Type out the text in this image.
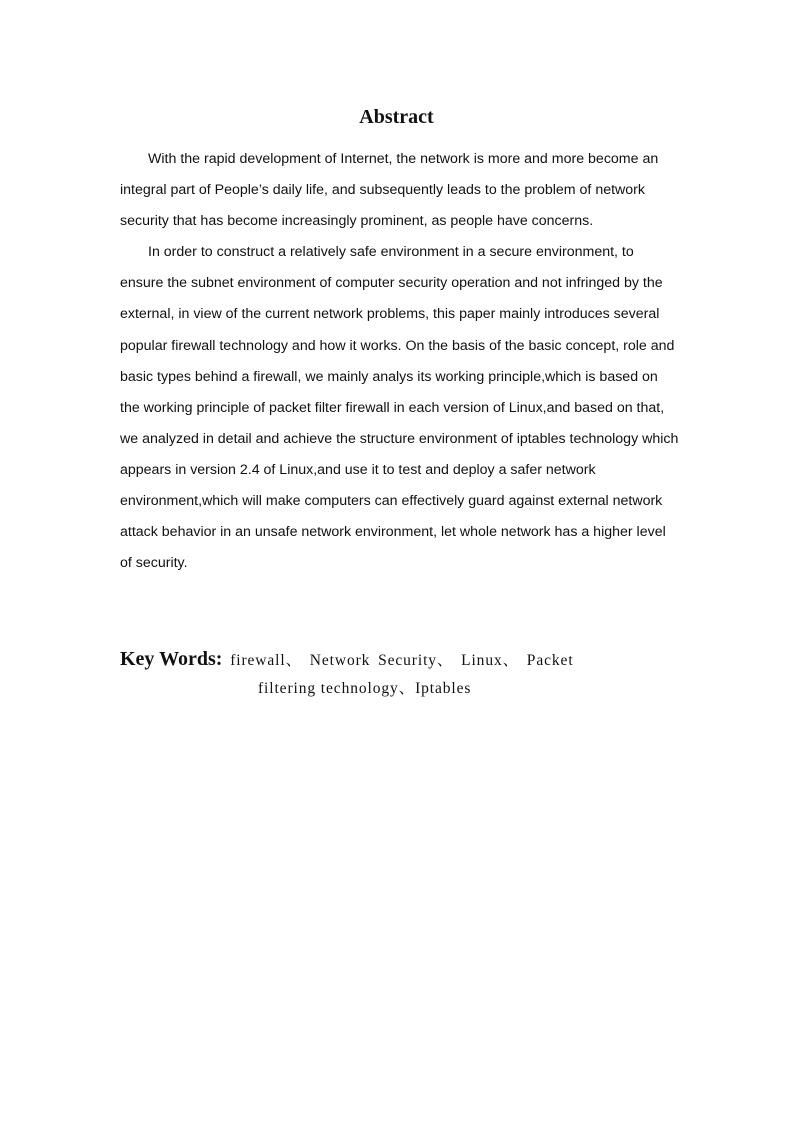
Abstract

With the rapid development of Internet, the network is more and more become an integral part of People’s daily life, and subsequently leads to the problem of network security that has become increasingly prominent, as people have concerns.

In order to construct a relatively safe environment in a secure environment, to ensure the subnet environment of computer security operation and not infringed by the external, in view of the current network problems, this paper mainly introduces several popular firewall technology and how it works. On the basis of the basic concept, role and basic types behind a firewall, we mainly analys its working principle,which is based on the working principle of packet filter firewall in each version of Linux,and based on that, we analyzed in detail and achieve the structure environment of iptables technology which appears in version 2.4 of Linux,and use it to test and deploy a safer network environment,which will make computers can effectively guard against external network attack behavior in an unsafe network environment, let whole network has a higher level of security.

Key Words: firewall、 Network Security、 Linux、 Packet
filtering technology、Iptables
